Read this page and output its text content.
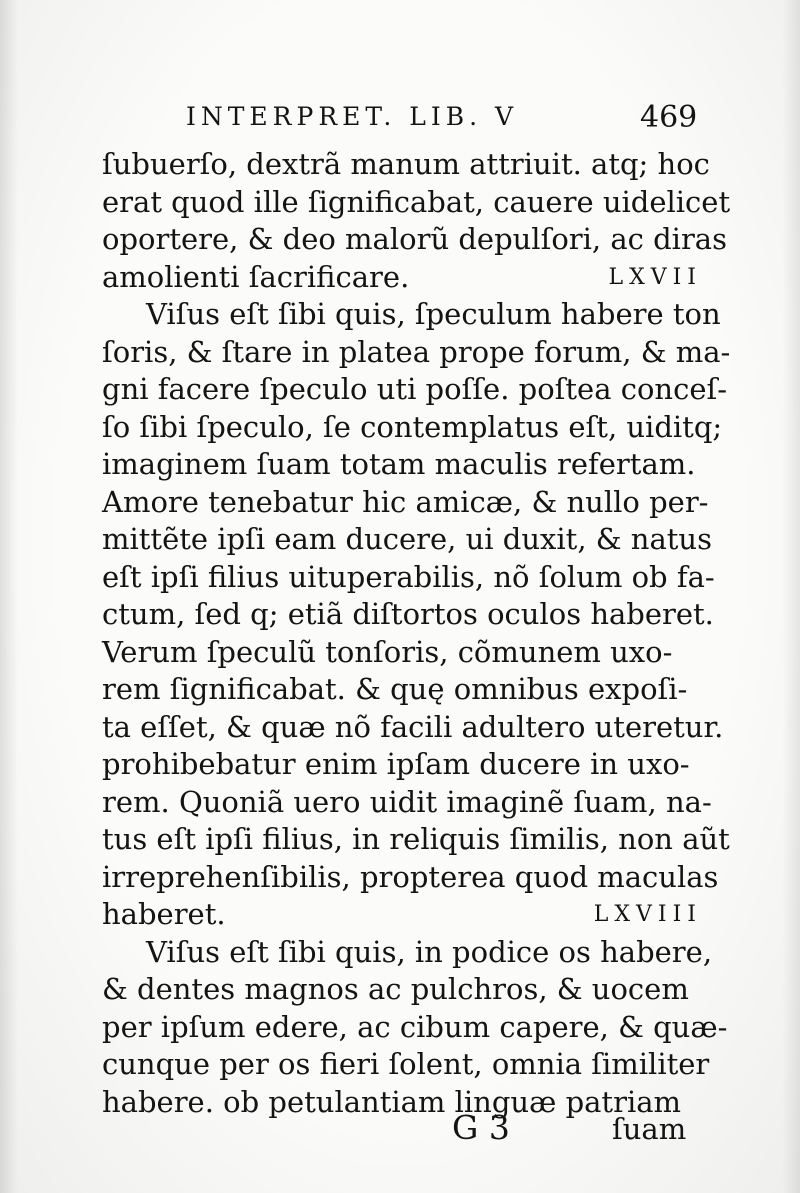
INTERPRET. LIB. V	469
ſubuerſo, dextrã manum attriuit. atq; hoc
erat quod ille ſignificabat, cauere uidelicet
oportere, & deo malorũ depulſori, ac diras
amolienti ſacrificare.	LXVII
Viſus eſt ſibi quis, ſpeculum habere ton
ſoris, & ſtare in platea prope forum, & ma-
gni facere ſpeculo uti poſſe. poſtea conceſ-
ſo ſibi ſpeculo, ſe contemplatus eſt, uiditq;
imaginem ſuam totam maculis refertam.
Amore tenebatur hic amicæ, & nullo per-
mittẽte ipſi eam ducere, ui duxit, & natus
eſt ipſi filius uituperabilis, nõ ſolum ob fa-
ctum, ſed q; etiã diſtortos oculos haberet.
Verum ſpeculũ tonſoris, cõmunem uxo-
rem ſignificabat. & quę omnibus expoſi-
ta eſſet, & quæ nõ facili adultero uteretur.
prohibebatur enim ipſam ducere in uxo-
rem. Quoniã uero uidit imaginẽ ſuam, na-
tus eſt ipſi filius, in reliquis ſimilis, non aũt
irreprehenſibilis, propterea quod maculas
haberet.	LXVIII
Viſus eſt ſibi quis, in podice os habere,
& dentes magnos ac pulchros, & uocem
per ipſum edere, ac cibum capere, & quæ-
cunque per os fieri ſolent, omnia ſimiliter
habere. ob petulantiam linguæ patriam
G 3	ſuam
